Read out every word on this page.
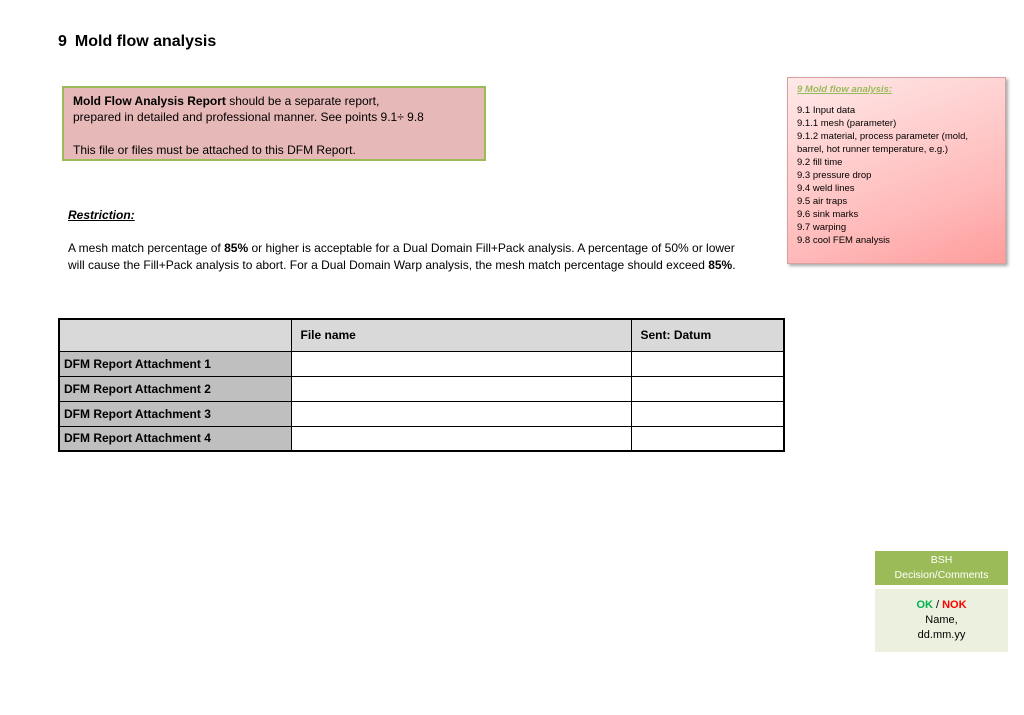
9 Mold flow analysis

Mold Flow Analysis Report should be a separate report,

prepared in detailed and professional manner. See points 9.1÷ 9.8

This file or files must be attached to this DFM Report.

Restriction:
A mesh match percentage of 85% or higher is acceptable for a Dual Domain Fill+Pack analysis. A percentage of 50% or lower will cause the Fill+Pack analysis to abort. For a Dual Domain Warp analysis, the mesh match percentage should exceed 85%.
	File name	Sent: Datum
DFM Report Attachment 1		
DFM Report Attachment 2		
DFM Report Attachment 3		
DFM Report Attachment 4		
9 Mold flow analysis:
9.1 Input data
9.1.1 mesh (parameter)
9.1.2 material, process parameter (mold, barrel, hot runner temperature, e.g.)
9.2 fill time
9.3 pressure drop
9.4 weld lines
9.5 air traps
9.6 sink marks
9.7 warping
9.8 cool FEM analysis
BSH
Decision/Comments
OK / NOK
Name,
dd.mm.yy
